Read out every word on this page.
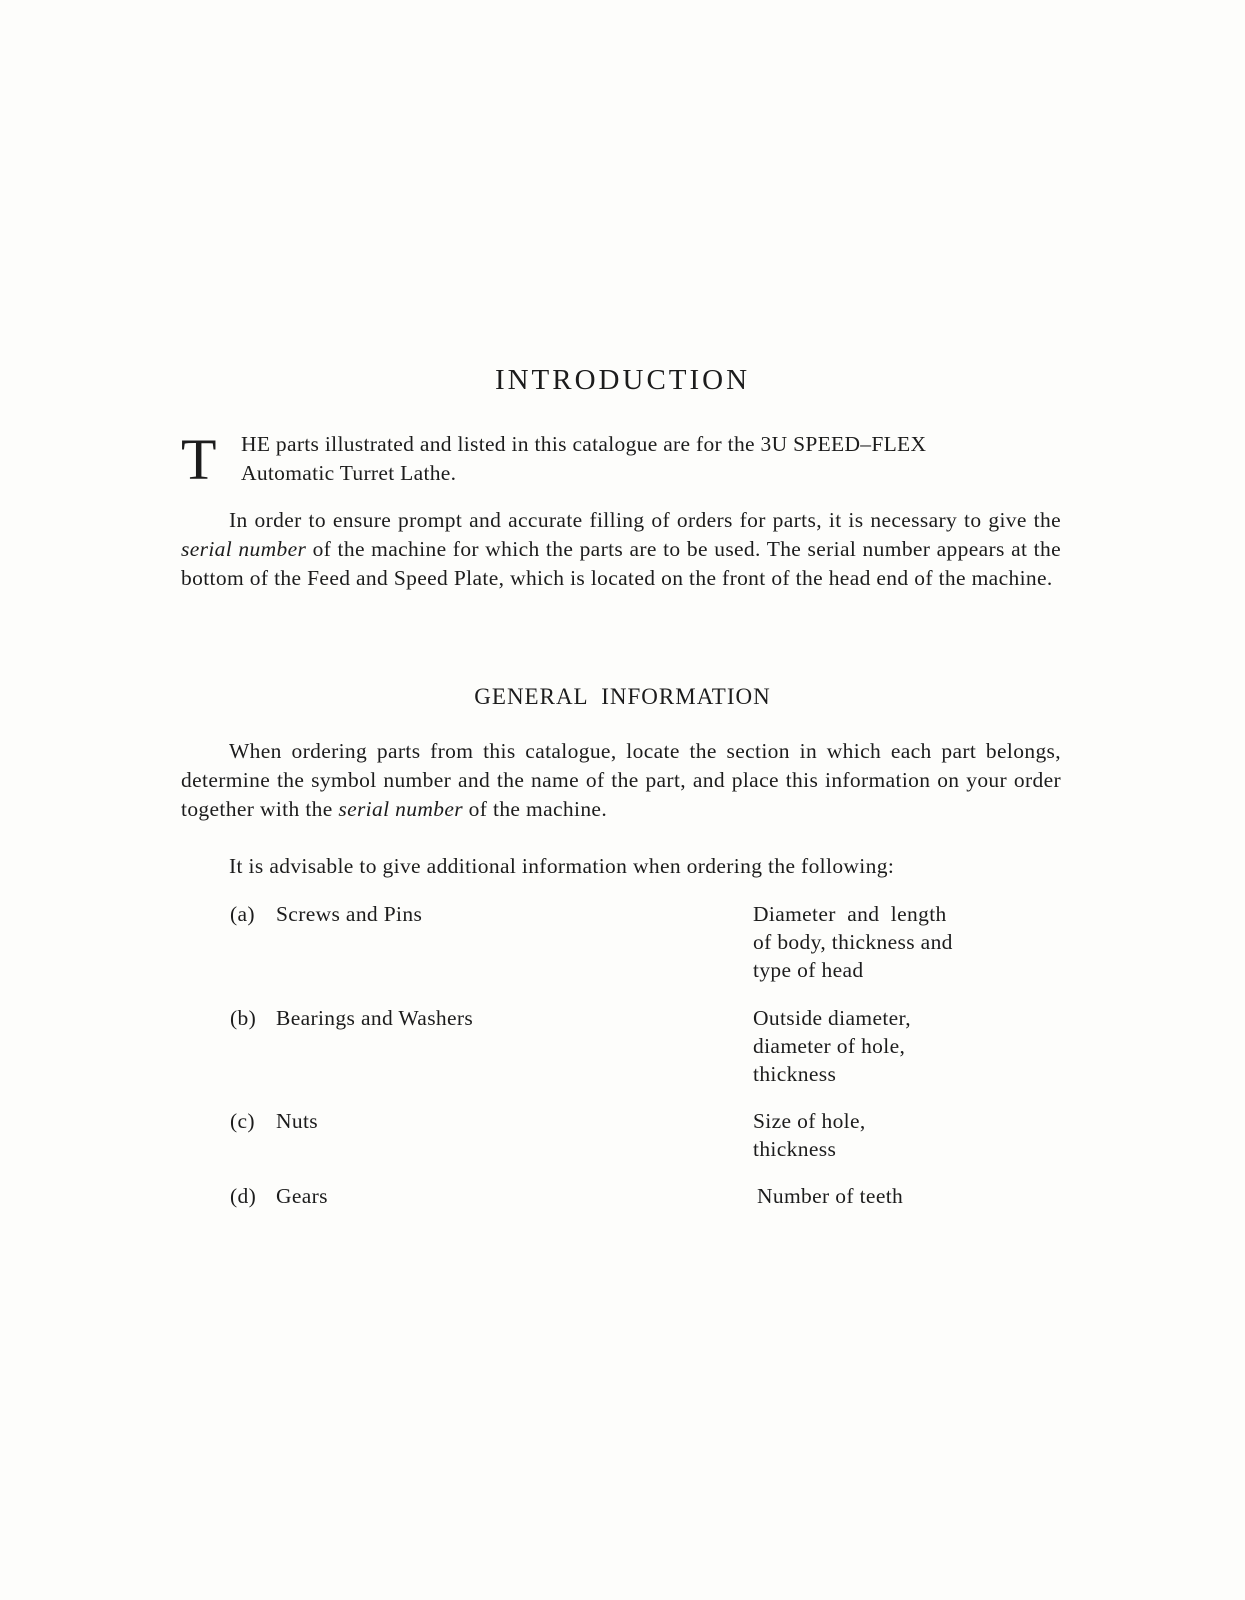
INTRODUCTION
T HE parts illustrated and listed in this catalogue are for the 3U SPEED–FLEX
Automatic Turret Lathe.

In order to ensure prompt and accurate filling of orders for parts, it is necessary to give the serial number of the machine for which the parts are to be used. The serial number appears at the bottom of the Feed and Speed Plate, which is located on the front of the head end of the machine.

GENERAL  INFORMATION

When ordering parts from this catalogue, locate the section in which each part belongs, determine the symbol number and the name of the part, and place this information on your order together with the serial number of the machine.

It is advisable to give additional information when ordering the following:

(a) Screws and Pins	Diameter  and  length
of body, thickness and
type of head
(b) Bearings and Washers	Outside diameter,
diameter of hole,
thickness
(c) Nuts	Size of hole,
thickness
(d) Gears	Number of teeth
